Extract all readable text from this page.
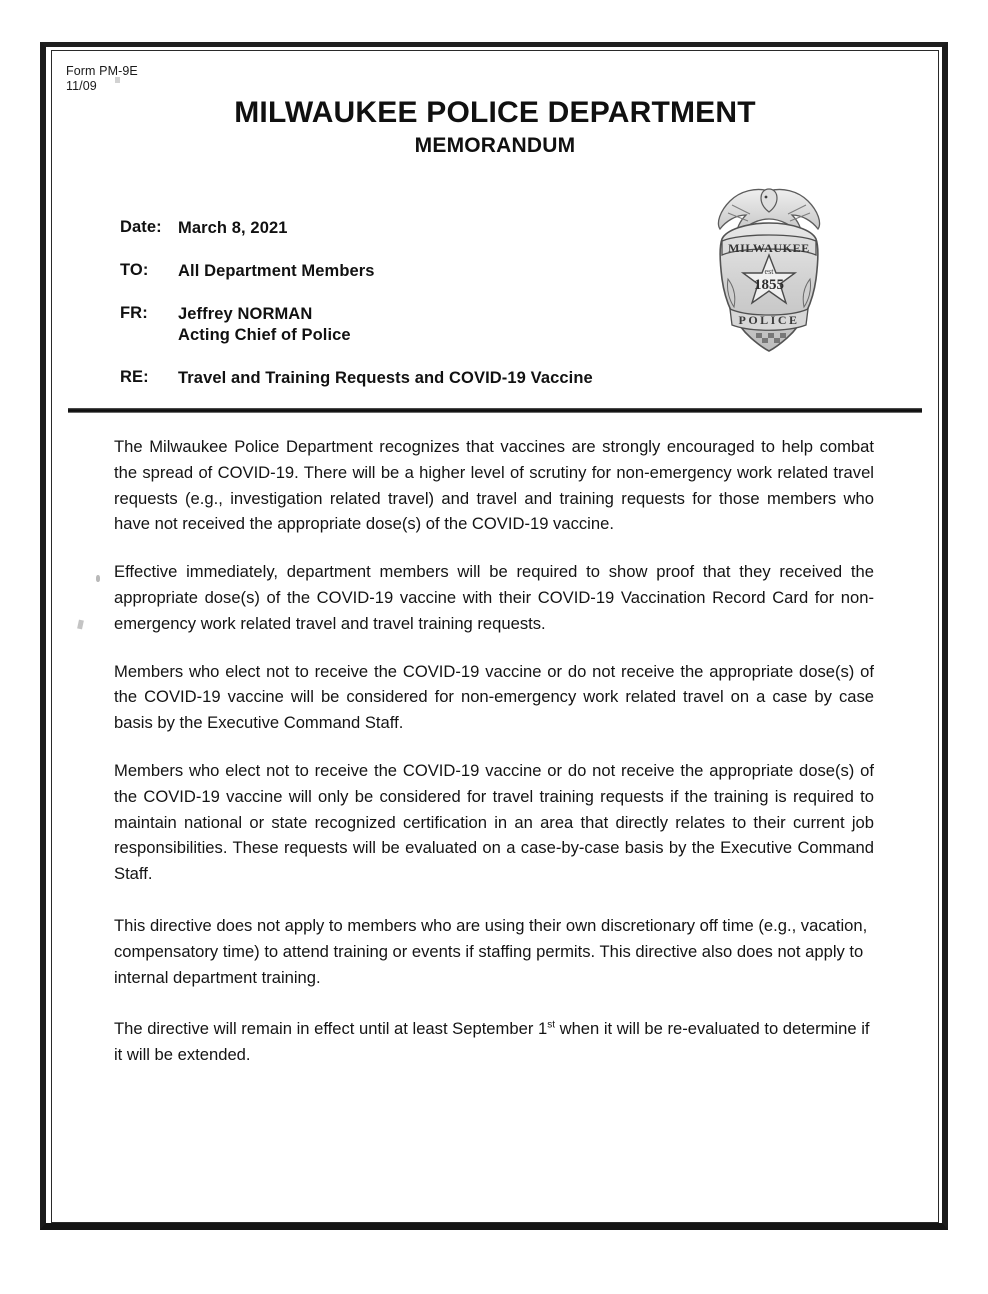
Form PM-9E
11/09
MILWAUKEE POLICE DEPARTMENT
MEMORANDUM
MILWAUKEE
est
1855
POLICE
Date: March 8, 2021
TO:	All Department Members
FR:	Jeffrey NORMAN
Acting Chief of Police
RE:	Travel and Training Requests and COVID-19 Vaccine

The Milwaukee Police Department recognizes that vaccines are strongly encouraged to help combat the spread of COVID-19. There will be a higher level of scrutiny for non-emergency work related travel requests (e.g., investigation related travel) and travel and training requests for those members who have not received the appropriate dose(s) of the COVID-19 vaccine.

Effective immediately, department members will be required to show proof that they received the appropriate dose(s) of the COVID-19 vaccine with their COVID-19 Vaccination Record Card for non-emergency work related travel and travel training requests.

Members who elect not to receive the COVID-19 vaccine or do not receive the appropriate dose(s) of the COVID-19 vaccine will be considered for non-emergency work related travel on a case by case basis by the Executive Command Staff.

Members who elect not to receive the COVID-19 vaccine or do not receive the appropriate dose(s) of the COVID-19 vaccine will only be considered for travel training requests if the training is required to maintain national or state recognized certification in an area that directly relates to their current job responsibilities. These requests will be evaluated on a case-by-case basis by the Executive Command Staff.

This directive does not apply to members who are using their own discretionary off time (e.g., vacation, compensatory time) to attend training or events if staffing permits. This directive also does not apply to internal department training.

The directive will remain in effect until at least September 1st when it will be re-evaluated to determine if it will be extended.
